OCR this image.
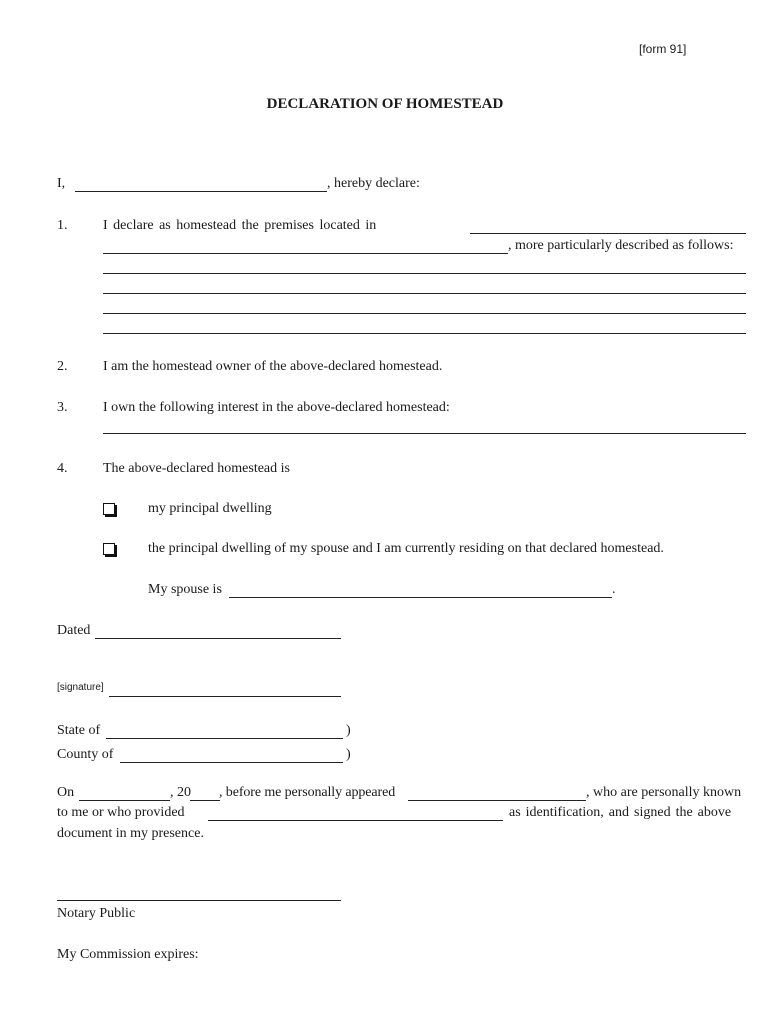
[form 91]
DECLARATION OF HOMESTEAD
I,	, hereby declare:
1.	I declare as homestead the premises located in
, more particularly described as follows:
2.	I am the homestead owner of the above-declared homestead.
3.	I own the following interest in the above-declared homestead:
4.	The above-declared homestead is
my principal dwelling
the principal dwelling of my spouse and I am currently residing on that declared homestead.
My spouse is	.
Dated
[signature]
State of	)
County of	)
On	, 20 , before me personally appeared	, who are personally known
to me or who provided	as identification, and signed the above
document in my presence.
Notary Public
My Commission expires:
